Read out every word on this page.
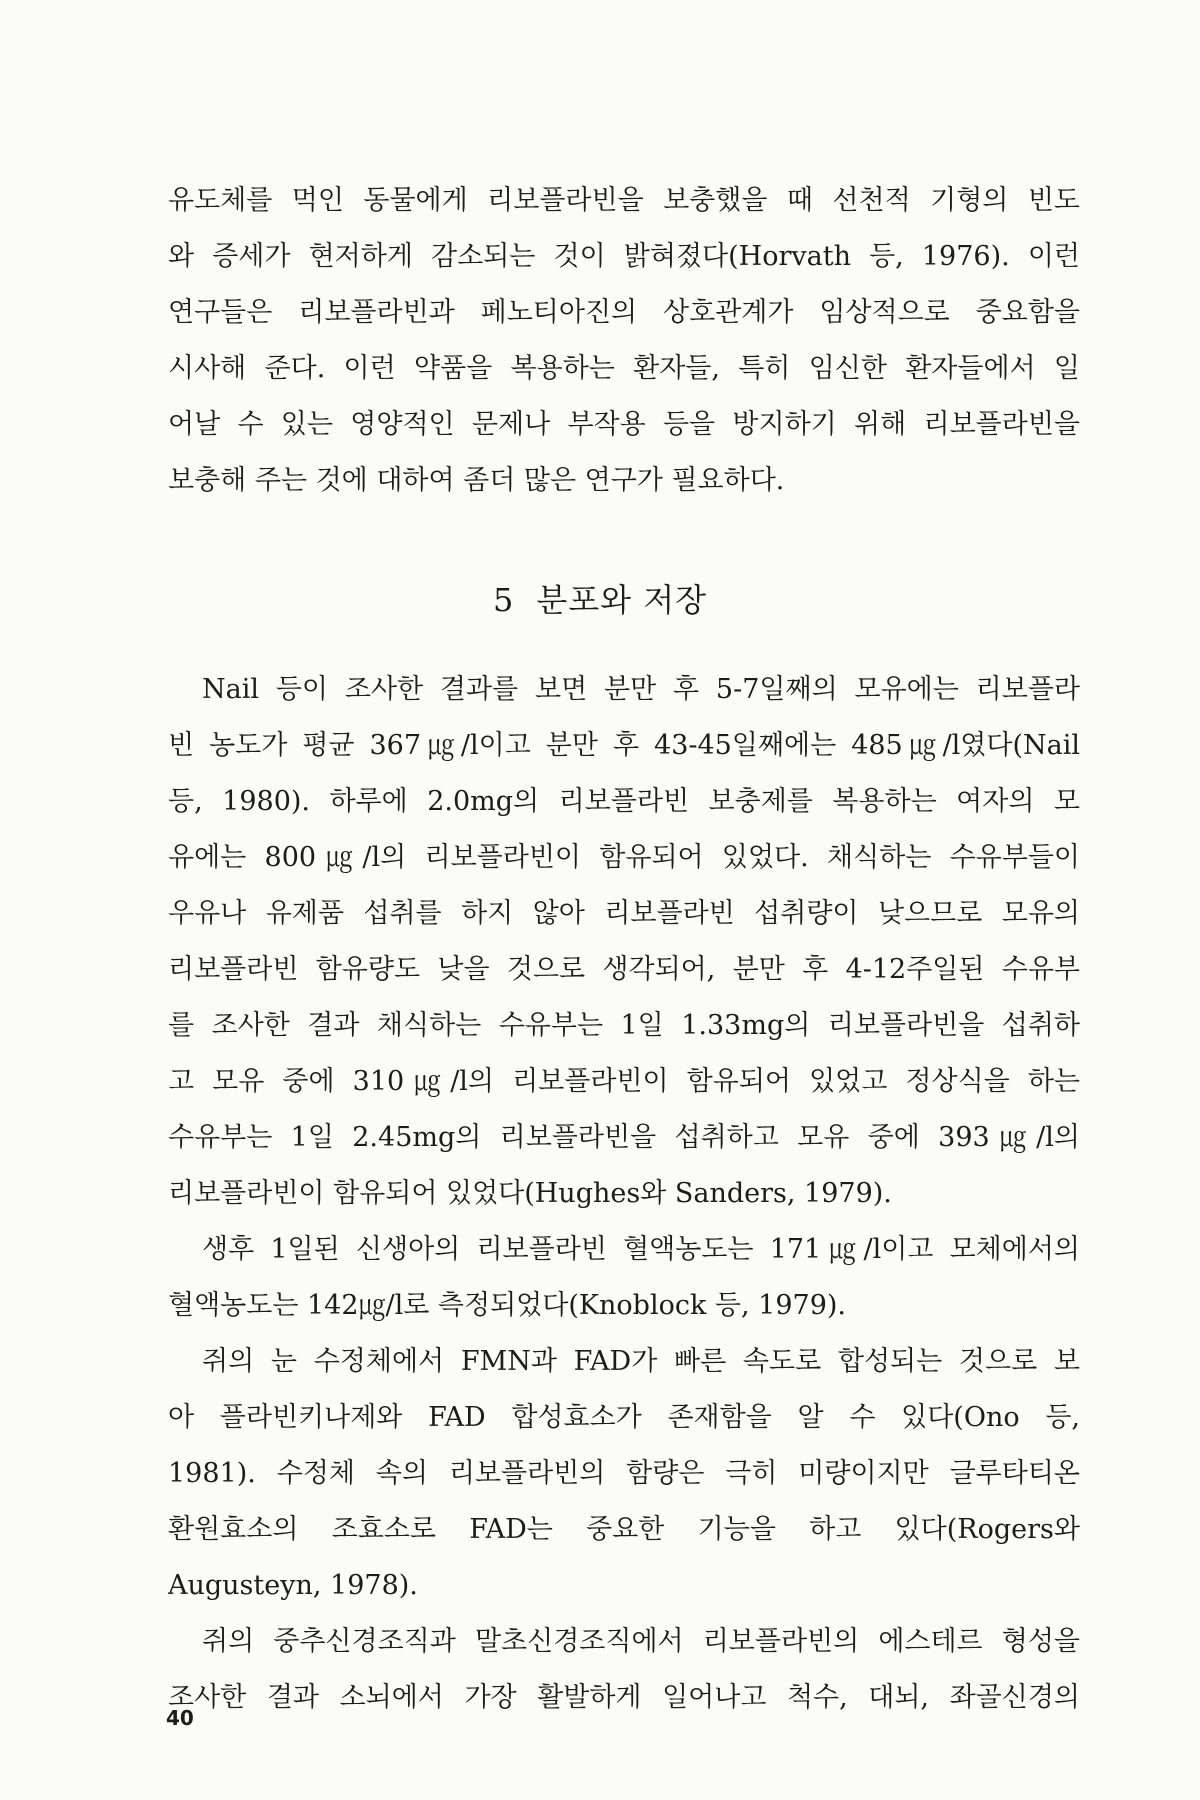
유도체를 먹인 동물에게 리보플라빈을 보충했을 때 선천적 기형의 빈도
와 증세가 현저하게 감소되는 것이 밝혀졌다(Horvath 등, 1976). 이런
연구들은 리보플라빈과 페노티아진의 상호관계가 임상적으로 중요함을
시사해 준다. 이런 약품을 복용하는 환자들, 특히 임신한 환자들에서 일
어날 수 있는 영양적인 문제나 부작용 등을 방지하기 위해 리보플라빈을
보충해 주는 것에 대하여 좀더 많은 연구가 필요하다.
5 분포와 저장
Nail 등이 조사한 결과를 보면 분만 후 5-7일째의 모유에는 리보플라
빈 농도가 평균 367㎍/l이고 분만 후 43-45일째에는 485㎍/l였다(Nail
등, 1980). 하루에 2.0mg의 리보플라빈 보충제를 복용하는 여자의 모
유에는 800㎍/l의 리보플라빈이 함유되어 있었다. 채식하는 수유부들이
우유나 유제품 섭취를 하지 않아 리보플라빈 섭취량이 낮으므로 모유의
리보플라빈 함유량도 낮을 것으로 생각되어, 분만 후 4-12주일된 수유부
를 조사한 결과 채식하는 수유부는 1일 1.33mg의 리보플라빈을 섭취하
고 모유 중에 310㎍/l의 리보플라빈이 함유되어 있었고 정상식을 하는
수유부는 1일 2.45mg의 리보플라빈을 섭취하고 모유 중에 393㎍/l의
리보플라빈이 함유되어 있었다(Hughes와 Sanders, 1979).
생후 1일된 신생아의 리보플라빈 혈액농도는 171㎍/l이고 모체에서의
혈액농도는 142㎍/l로 측정되었다(Knoblock 등, 1979).
쥐의 눈 수정체에서 FMN과 FAD가 빠른 속도로 합성되는 것으로 보
아 플라빈키나제와 FAD 합성효소가 존재함을 알 수 있다(Ono 등,
1981). 수정체 속의 리보플라빈의 함량은 극히 미량이지만 글루타티온
환원효소의 조효소로 FAD는 중요한 기능을 하고 있다(Rogers와
Augusteyn, 1978).
쥐의 중추신경조직과 말초신경조직에서 리보플라빈의 에스테르 형성을
조사한 결과 소뇌에서 가장 활발하게 일어나고 척수, 대뇌, 좌골신경의
40
